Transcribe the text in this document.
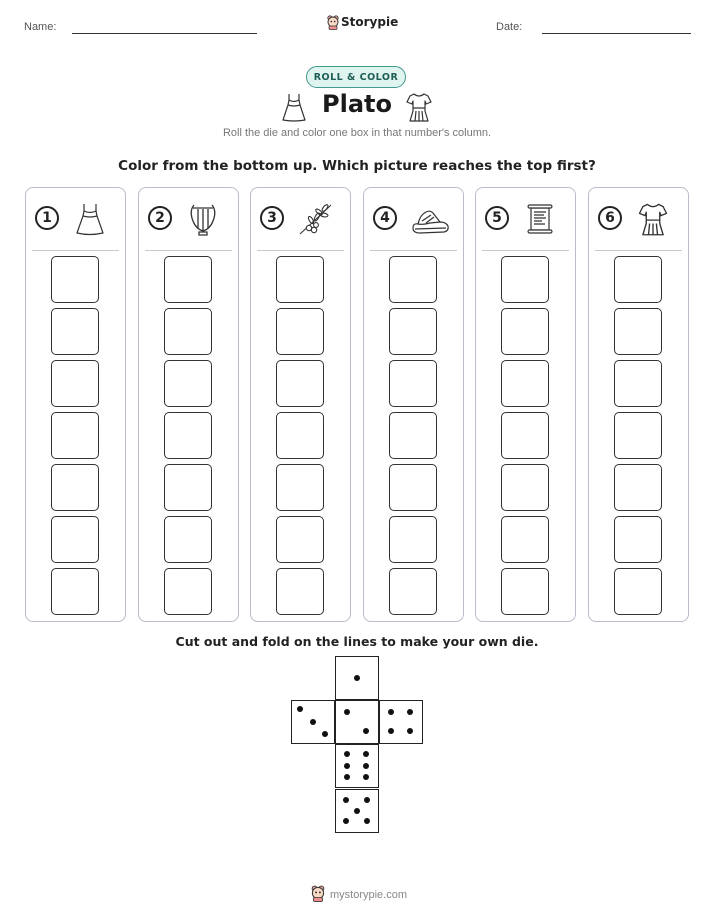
Name:	Storypie	Date:
ROLL & COLOR
Plato
Roll the die and color one box in that number's column.
Color from the bottom up. Which picture reaches the top first?
1	2	3	4	5	6
Cut out and fold on the lines to make your own die.
mystorypie.com
